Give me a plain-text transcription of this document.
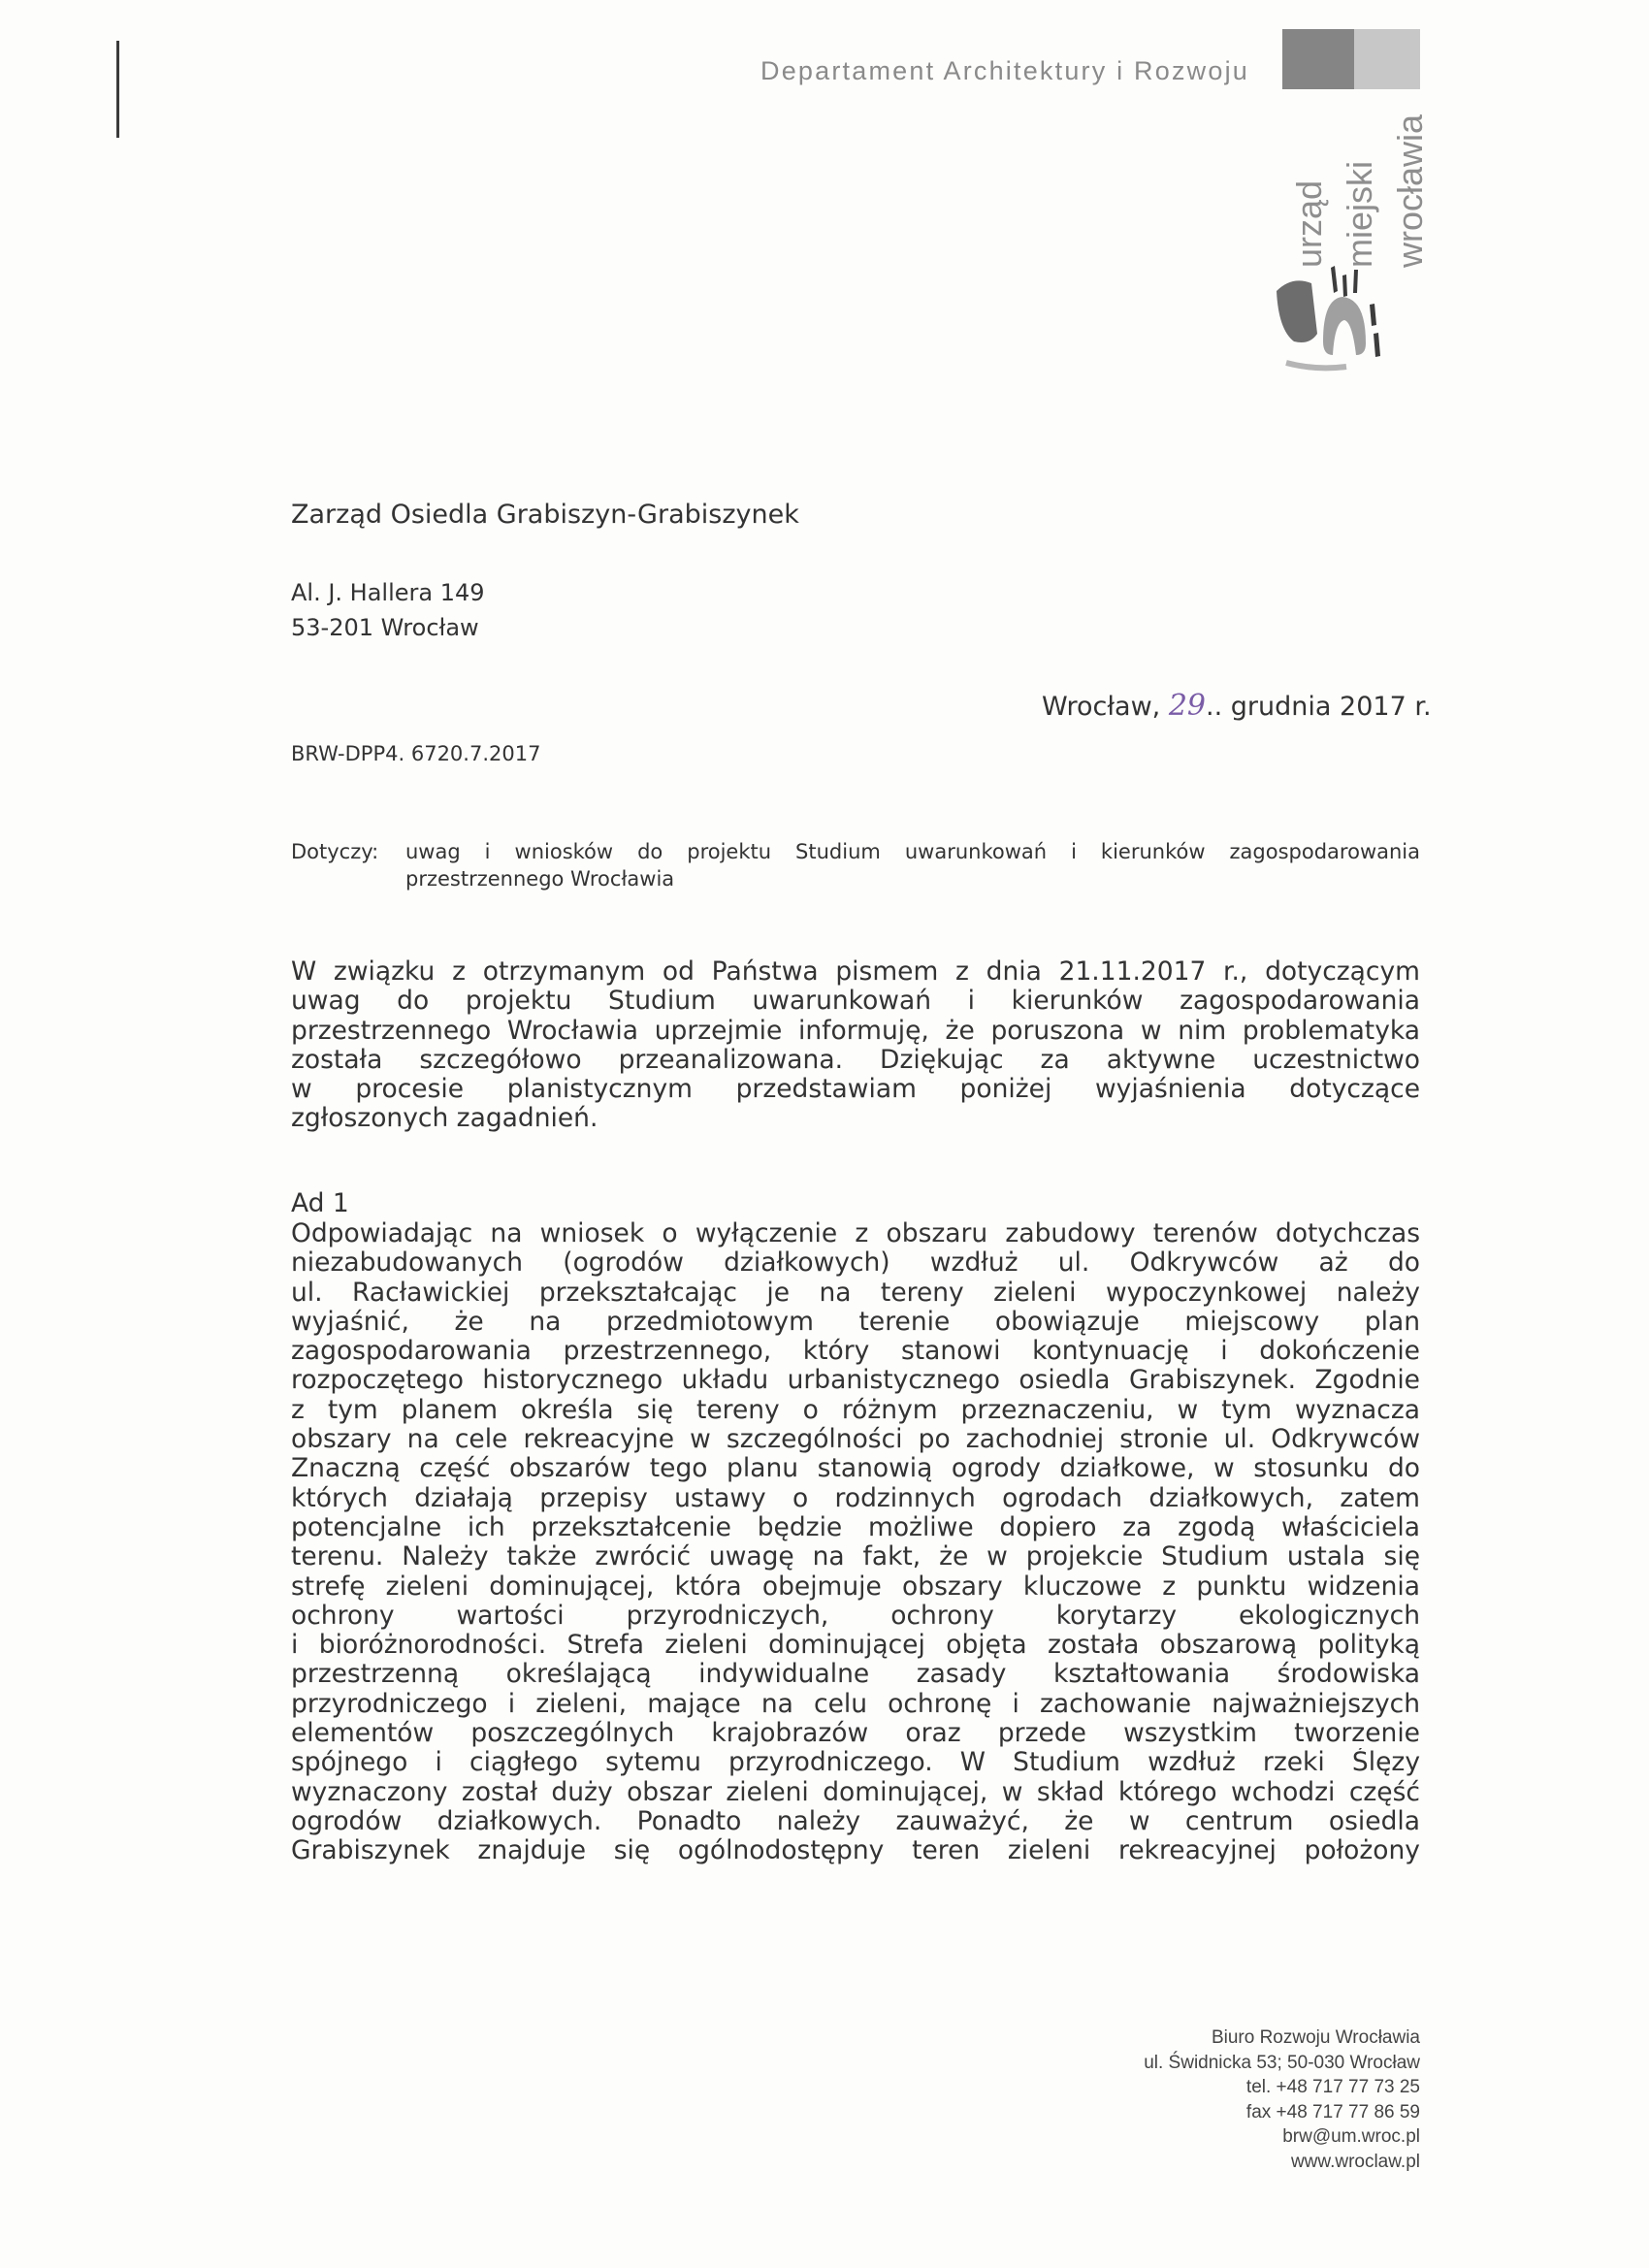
Departament Architektury i Rozwoju
urząd miejski wrocławia
Zarząd Osiedla Grabiszyn-Grabiszynek
Al. J. Hallera 149
53-201 Wrocław
Wrocław, 29.. grudnia 2017 r.
BRW-DPP4. 6720.7.2017
Dotyczy: uwag i wniosków do projektu Studium uwarunkowań i kierunków zagospodarowania
przestrzennego Wrocławia
W związku z otrzymanym od Państwa pismem z dnia 21.11.2017 r., dotyczącym
uwag do projektu Studium uwarunkowań i kierunków zagospodarowania
przestrzennego Wrocławia uprzejmie informuję, że poruszona w nim problematyka
została szczegółowo przeanalizowana. Dziękując za aktywne uczestnictwo
w procesie planistycznym przedstawiam poniżej wyjaśnienia dotyczące
zgłoszonych zagadnień.
Ad 1
Odpowiadając na wniosek o wyłączenie z obszaru zabudowy terenów dotychczas
niezabudowanych (ogrodów działkowych) wzdłuż ul. Odkrywców aż do
ul. Racławickiej przekształcając je na tereny zieleni wypoczynkowej należy
wyjaśnić, że na przedmiotowym terenie obowiązuje miejscowy plan
zagospodarowania przestrzennego, który stanowi kontynuację i dokończenie
rozpoczętego historycznego układu urbanistycznego osiedla Grabiszynek. Zgodnie
z tym planem określa się tereny o różnym przeznaczeniu, w tym wyznacza
obszary na cele rekreacyjne w szczególności po zachodniej stronie ul. Odkrywców
Znaczną część obszarów tego planu stanowią ogrody działkowe, w stosunku do
których działają przepisy ustawy o rodzinnych ogrodach działkowych, zatem
potencjalne ich przekształcenie będzie możliwe dopiero za zgodą właściciela
terenu. Należy także zwrócić uwagę na fakt, że w projekcie Studium ustala się
strefę zieleni dominującej, która obejmuje obszary kluczowe z punktu widzenia
ochrony wartości przyrodniczych, ochrony korytarzy ekologicznych
i bioróżnorodności. Strefa zieleni dominującej objęta została obszarową polityką
przestrzenną określającą indywidualne zasady kształtowania środowiska
przyrodniczego i zieleni, mające na celu ochronę i zachowanie najważniejszych
elementów poszczególnych krajobrazów oraz przede wszystkim tworzenie
spójnego i ciągłego sytemu przyrodniczego. W Studium wzdłuż rzeki Ślęzy
wyznaczony został duży obszar zieleni dominującej, w skład którego wchodzi część
ogrodów działkowych. Ponadto należy zauważyć, że w centrum osiedla
Grabiszynek znajduje się ogólnodostępny teren zieleni rekreacyjnej położony
Biuro Rozwoju Wrocławia
ul. Świdnicka 53; 50-030 Wrocław
tel. +48 717 77 73 25
fax +48 717 77 86 59
brw@um.wroc.pl
www.wroclaw.pl
